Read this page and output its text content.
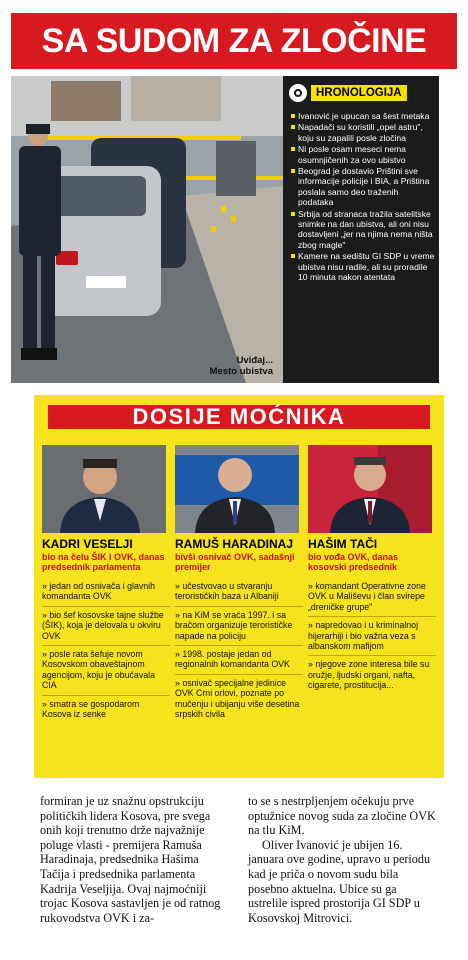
SA SUDOM ZA ZLOČINE
Uviđaj...
Mesto ubistva
HRONOLOGIJA
Ivanović je upucan sa šest metaka
Napadači su koristili „opel astru", koju su zapalili posle zločina
Ni posle osam meseci nema osumnjičenih za ovo ubistvo
Beograd je dostavio Prištini sve informacije policije i BIA, a Priština poslala samo deo traženih podataka
Srbija od stranaca tražila satelitske snimke na dan ubistva, ali oni nisu dostavljeni „jer na njima nema ništa zbog magle"
Kamere na sedištu GI SDP u vreme ubistva nisu radile, ali su proradile 10 minuta nakon atentata
DOSIJE MOĆNIKA
KADRI VESELJI
bio na čelu ŠIK i OVK, danas predsednik parlamenta
» jedan od osnivača i glavnih komandanta OVK
» bio šef kosovske tajne službe (ŠIK), koja je delovala u okviru OVK
» posle rata šefuje novom Kosovskom obaveštajnom agencijom, koju je obučavala CIA
» smatra se gospodarom Kosova iz senke
RAMUŠ HARADINAJ
bivši osnivač OVK, sadašnji premijer
» učestvovao u stvaranju terorističkih baza u Albaniji
» na KiM se vraća 1997. i sa bračom organizuje terorističke napade na policiju
» 1998. postaje jedan od regionalnih komandanta OVK
» osnivač specijalne jedinice OVK Crni orlovi, poznate po mučenju i ubijanju više desetina srpskih civila
HAŠIM TAČI
bio vođa OVK, danas kosovski predsednik
» komandant Operativne zone OVK u Mališevu i član svirepe „dreničke grupe"
» napredovao i u kriminalnoj hijerarhiji i bio važna veza s albanskom mafijom
» njegove zone interesa bile su oružje, ljudski organi, nafta, cigarete, prostitucija...
formiran je uz snažnu opstrukciju političkih lidera Kosova, pre svega onih koji trenutno drže najvažnije poluge vlasti - premijera Ramuša Haradinaja, predsednika Hašima Tačija i predsednika parlamenta Kadrija Veseljija. Ovaj najmoćniji trojac Kosova sastavljen je od ratnog rukovodstva OVK i za-
to se s nestrpljenjem očekuju prve optužnice novog suda za zločine OVK na tlu KiM.
Oliver Ivanović je ubijen 16. januara ove godine, upravo u periodu kad je priča o novom sudu bila posebno aktuelna. Ubice su ga ustrelile ispred prostorija GI SDP u Kosovskoj Mitrovici.
